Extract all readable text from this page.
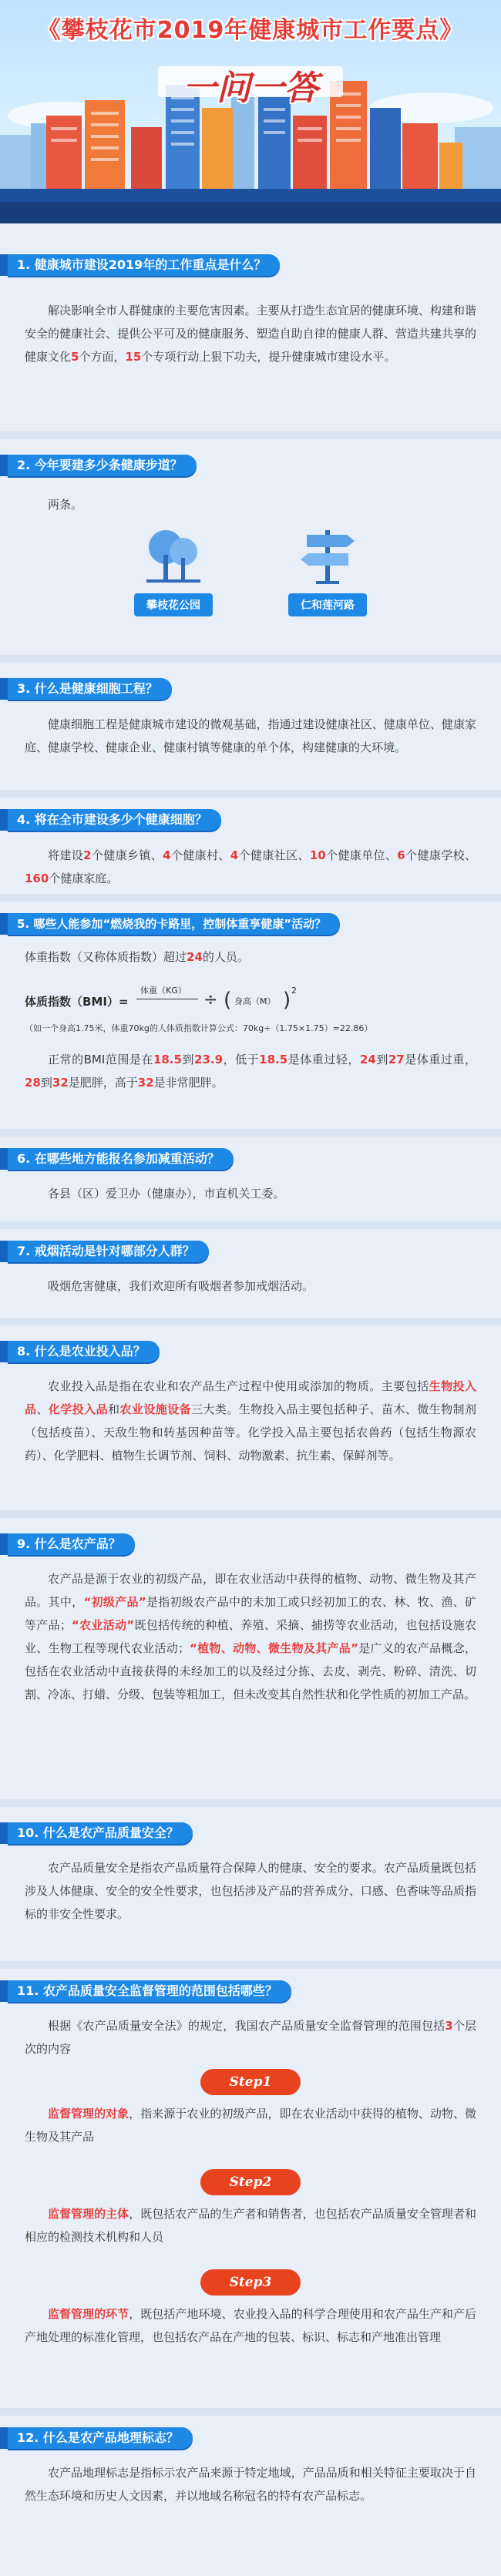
《攀枝花市2019年健康城市工作要点》
一问一答
1. 健康城市建设2019年的工作重点是什么？
解决影响全市人群健康的主要危害因素。主要从打造生态宜居的健康环境、构建和谐安全的健康社会、提供公平可及的健康服务、塑造自助自律的健康人群、营造共建共享的健康文化5个方面，15个专项行动上狠下功夫，提升健康城市建设水平。
2. 今年要建多少条健康步道？
两条。
攀枝花公园	仁和莲河路
3. 什么是健康细胞工程？
健康细胞工程是健康城市建设的微观基础，指通过建设健康社区、健康单位、健康家庭、健康学校、健康企业、健康村镇等健康的单个体，构建健康的大环境。
4. 将在全市建设多少个健康细胞？
将建设2个健康乡镇、4个健康村、4个健康社区、10个健康单位、6个健康学校、160个健康家庭。
5. 哪些人能参加“燃烧我的卡路里，控制体重享健康”活动？
体重指数（又称体质指数）超过24的人员。
体质指数（BMI）=
体重（KG） ÷ ( 身高（M） ) 2
（如一个身高1.75米，体重70kg的人体质指数计算公式：70kg÷（1.75×1.75）=22.86）
正常的BMI范围是在18.5到23.9，低于18.5是体重过轻，24到27是体重过重，28到32是肥胖，高于32是非常肥胖。
6. 在哪些地方能报名参加减重活动？
各县（区）爱卫办（健康办），市直机关工委。
7. 戒烟活动是针对哪部分人群？
吸烟危害健康，我们欢迎所有吸烟者参加戒烟活动。
8. 什么是农业投入品？
农业投入品是指在农业和农产品生产过程中使用或添加的物质。主要包括生物投入品、化学投入品和农业设施设备三大类。生物投入品主要包括种子、苗木、微生物制剂（包括疫苗）、天敌生物和转基因种苗等。化学投入品主要包括农兽药（包括生物源农药）、化学肥料、植物生长调节剂、饲料、动物激素、抗生素、保鲜剂等。
9. 什么是农产品？
农产品是源于农业的初级产品，即在农业活动中获得的植物、动物、微生物及其产品。其中，“初级产品”是指初级农产品中的未加工或只经初加工的农、林、牧、渔、矿等产品；“农业活动”既包括传统的种植、养殖、采摘、捕捞等农业活动，也包括设施农业、生物工程等现代农业活动；“植物、动物、微生物及其产品”是广义的农产品概念，包括在农业活动中直接获得的未经加工的以及经过分拣、去皮、剥壳、粉碎、清洗、切割、冷冻、打蜡、分级、包装等粗加工，但未改变其自然性状和化学性质的初加工产品。
10. 什么是农产品质量安全？
农产品质量安全是指农产品质量符合保障人的健康、安全的要求。农产品质量既包括涉及人体健康、安全的安全性要求，也包括涉及产品的营养成分、口感、色香味等品质指标的非安全性要求。
11. 农产品质量安全监督管理的范围包括哪些？
根据《农产品质量安全法》的规定，我国农产品质量安全监督管理的范围包括3个层次的内容
Step1
监督管理的对象，指来源于农业的初级产品，即在农业活动中获得的植物、动物、微生物及其产品
Step2
监督管理的主体，既包括农产品的生产者和销售者，也包括农产品质量安全管理者和相应的检测技术机构和人员
Step3
监督管理的环节，既包括产地环境、农业投入品的科学合理使用和农产品生产和产后产地处理的标准化管理，也包括农产品在产地的包装、标识、标志和产地准出管理
12. 什么是农产品地理标志？
农产品地理标志是指标示农产品来源于特定地域，产品品质和相关特征主要取决于自然生态环境和历史人文因素，并以地域名称冠名的特有农产品标志。
